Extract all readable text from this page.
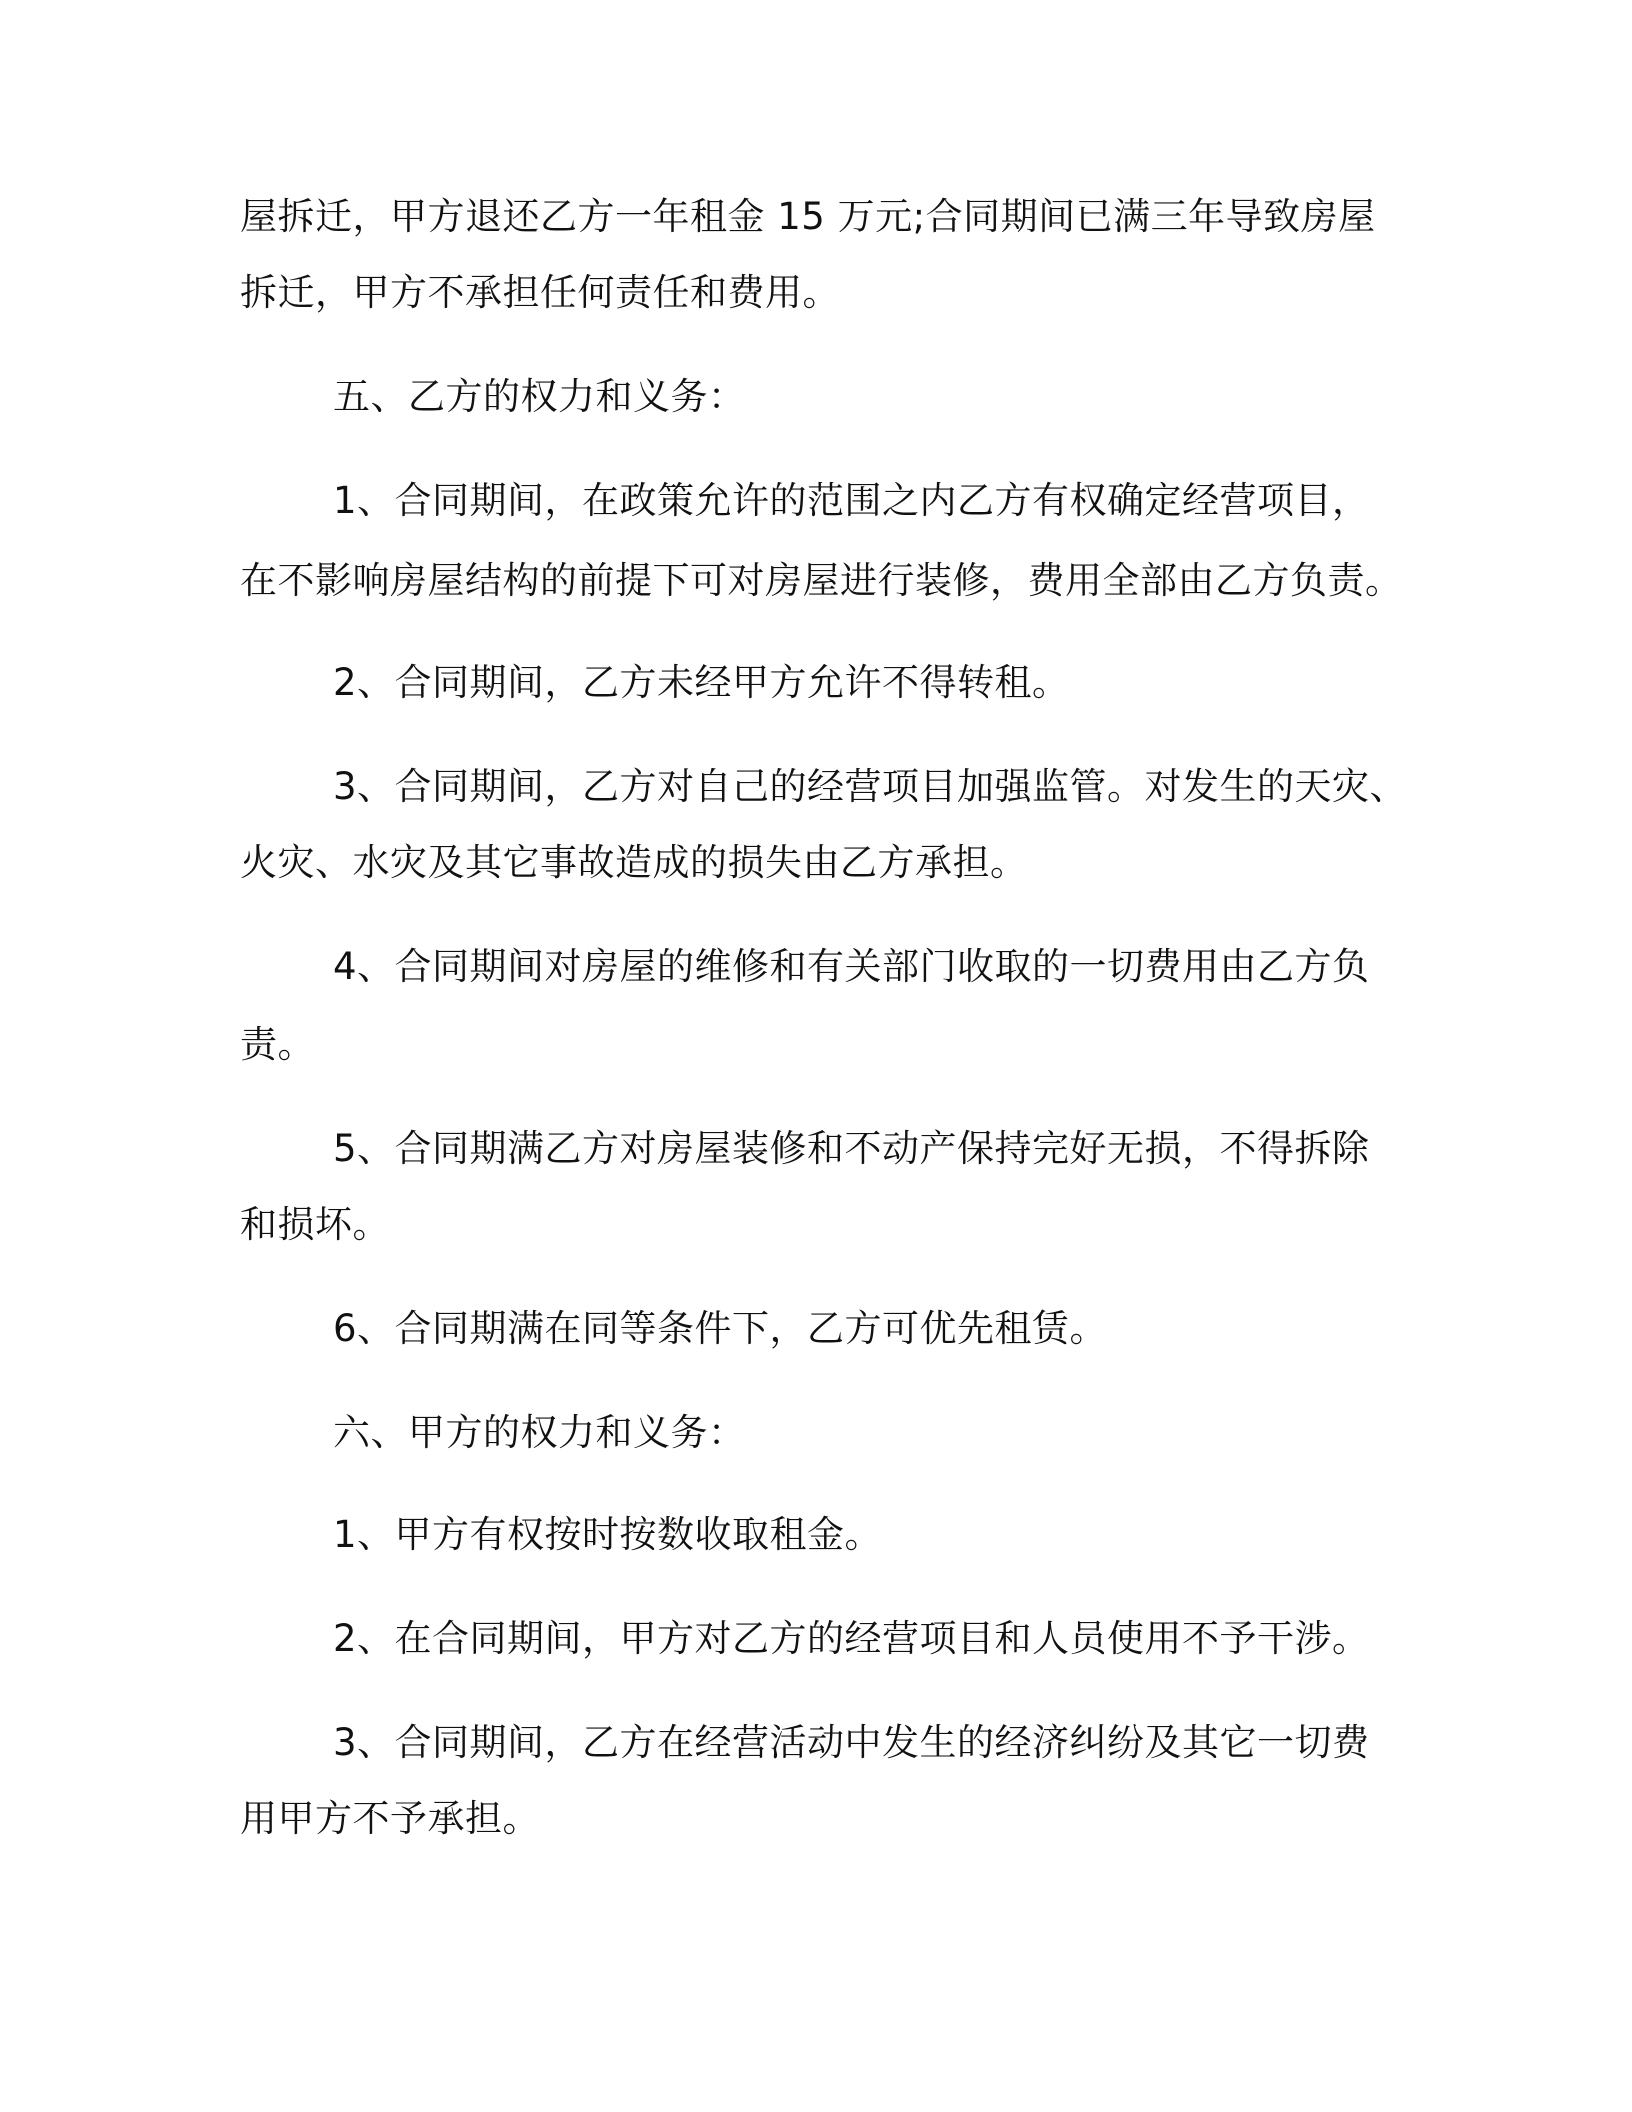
屋拆迁，甲方退还乙方一年租金 15 万元;合同期间已满三年导致房屋
拆迁，甲方不承担任何责任和费用。
五、乙方的权力和义务：
1、合同期间，在政策允许的范围之内乙方有权确定经营项目，
在不影响房屋结构的前提下可对房屋进行装修，费用全部由乙方负责。
2、合同期间，乙方未经甲方允许不得转租。
3、合同期间，乙方对自己的经营项目加强监管。对发生的天灾、
火灾、水灾及其它事故造成的损失由乙方承担。
4、合同期间对房屋的维修和有关部门收取的一切费用由乙方负
责。
5、合同期满乙方对房屋装修和不动产保持完好无损，不得拆除
和损坏。
6、合同期满在同等条件下，乙方可优先租赁。
六、甲方的权力和义务：
1、甲方有权按时按数收取租金。
2、在合同期间，甲方对乙方的经营项目和人员使用不予干涉。
3、合同期间，乙方在经营活动中发生的经济纠纷及其它一切费
用甲方不予承担。
